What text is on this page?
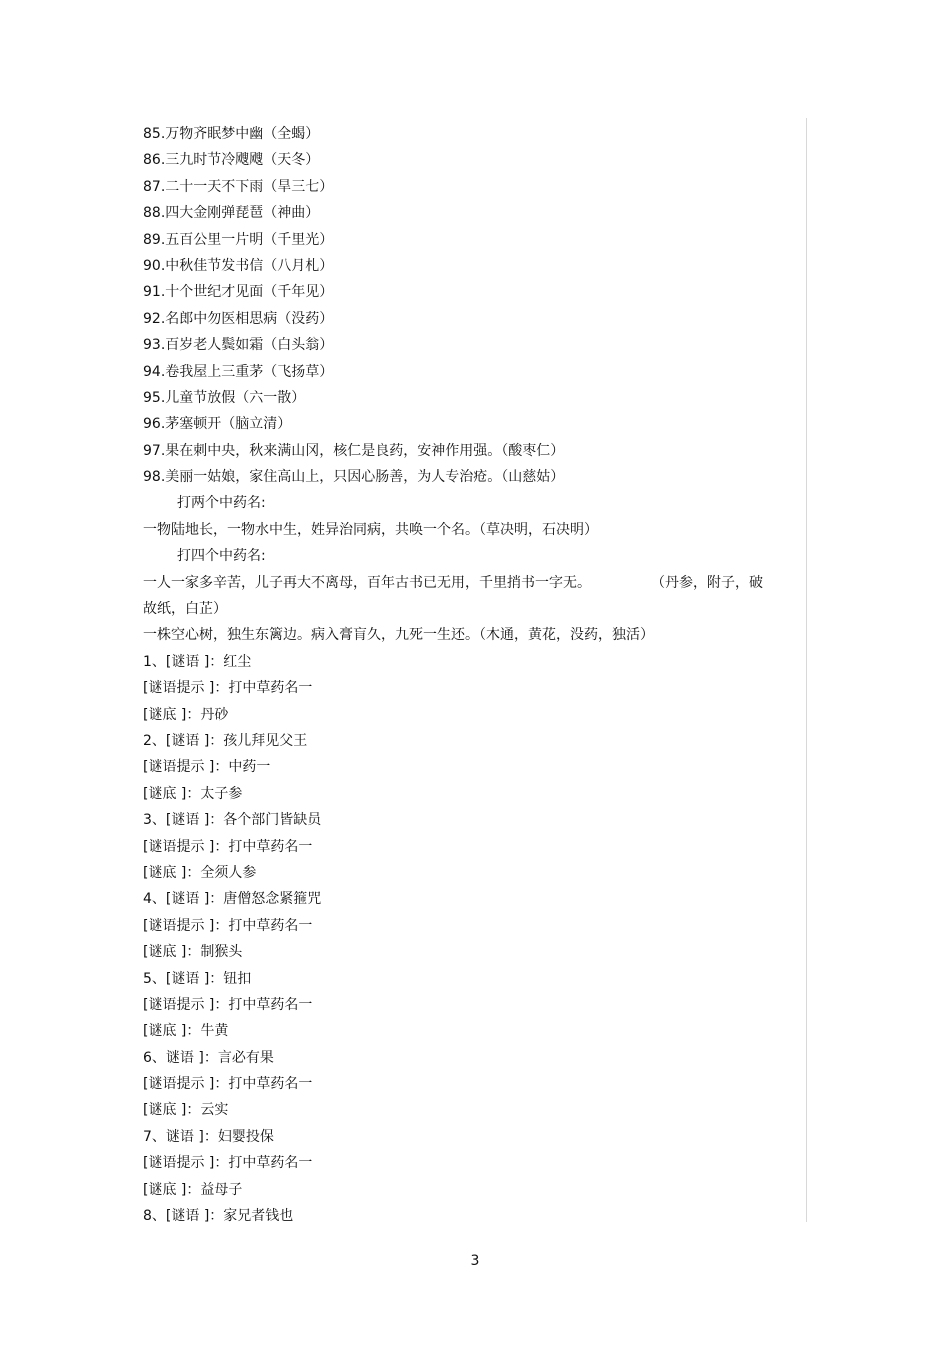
85.万物齐眠梦中幽（全蝎）
86.三九时节冷飕飕（天冬）
87.二十一天不下雨（旱三七）
88.四大金刚弹琵琶（神曲）
89.五百公里一片明（千里光）
90.中秋佳节发书信（八月札）
91.十个世纪才见面（千年见）
92.名郎中勿医相思病（没药）
93.百岁老人鬓如霜（白头翁）
94.卷我屋上三重茅（飞扬草）
95.儿童节放假（六一散）
96.茅塞顿开（脑立清）
97.果在刺中央，秋来满山冈，核仁是良药，安神作用强。（酸枣仁）
98.美丽一姑娘，家住高山上，只因心肠善，为人专治疮。（山慈姑）
打两个中药名:
一物陆地长，一物水中生，姓异治同病，共唤一个名。（草决明，石决明）
打四个中药名:
一人一家多辛苦，儿子再大不离母，百年古书已无用，千里捎书一字无。	（丹参，附子，破
故纸，白芷）
一株空心树，独生东篱边。病入膏肓久，九死一生还。（木通，黄花，没药，独活）
1、[谜语 ]：红尘
[谜语提示 ]：打中草药名一
[谜底 ]：丹砂
2、[谜语 ]：孩儿拜见父王
[谜语提示 ]：中药一
[谜底 ]：太子参
3、[谜语 ]：各个部门皆缺员
[谜语提示 ]：打中草药名一
[谜底 ]：全须人参
4、[谜语 ]：唐僧怒念紧箍咒
[谜语提示 ]：打中草药名一
[谜底 ]：制猴头
5、[谜语 ]：钮扣
[谜语提示 ]：打中草药名一
[谜底 ]：牛黄
6、谜语 ]：言必有果
[谜语提示 ]：打中草药名一
[谜底 ]：云实
7、谜语 ]：妇婴投保
[谜语提示 ]：打中草药名一
[谜底 ]：益母子
8、[谜语 ]：家兄者钱也
3
